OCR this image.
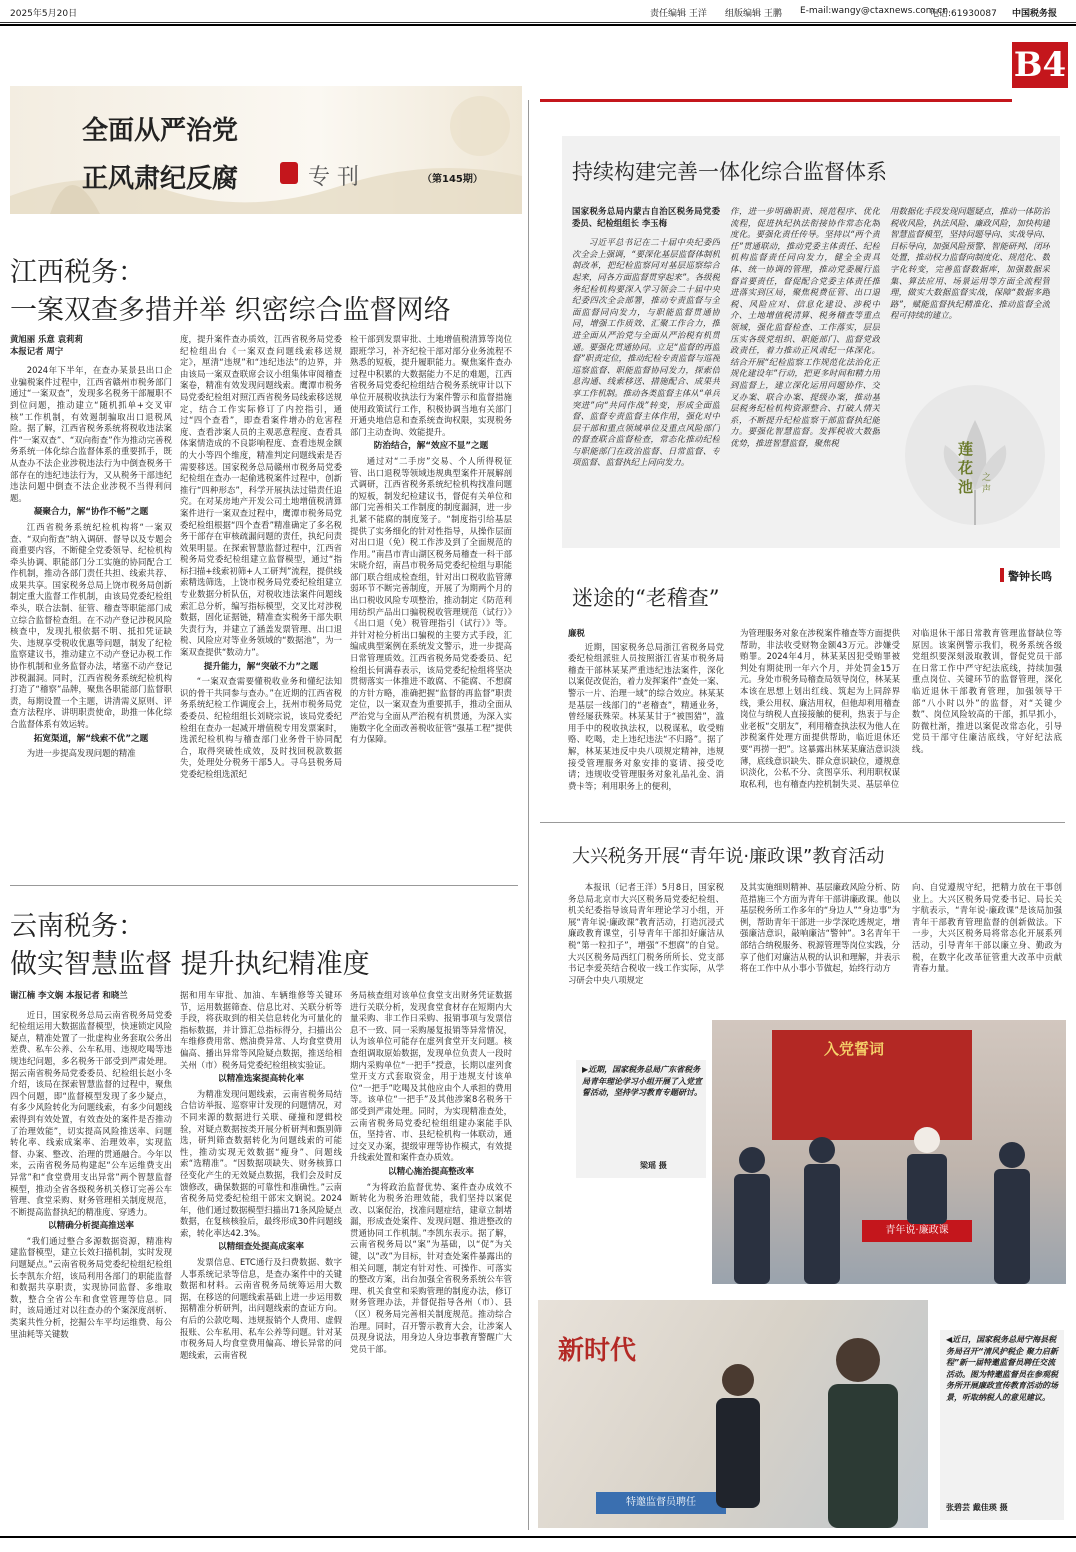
2025年5月20日	责任编辑 王洋 组版编辑 王鹏 E-mail:wangy@ctaxnews.com.cn
电话:61930087 中国税务报
B4
全面从严治党
正风肃纪反腐	专 刊	（第145期）
江西税务：
一案双查多措并举 织密综合监督网络
黄旭丽 乐意 袁莉莉
本报记者 周宁

2024年下半年，在查办某景县出口企业骗税案件过程中，江西省赣州市税务部门通过“一案双查”，发现多名税务干部履职不到位问题，推动建立“随机抓单+交叉审核”工作机制，有效遏制骗取出口退税风险。据了解，江西省税务系统将税收违法案件“一案双查”、“双向衔查”作为推动完善税务系统一体化综合监督体系的重要抓手，既从查办不法企业涉税违法行为中倒查税务干部存在的违纪违法行为，又从税务干部违纪违法问题中倒查不法企业涉税不当得利问题。

凝聚合力，解“协作不畅”之题

江西省税务系统纪检机构将“一案双查、“双向衔查”纳入调研、督导以及专题会商重要内容，不断健全党委领导、纪检机构牵头协调、职能部门分工实施的协同配合工作机制，推动各部门责任共担、线索共荐、成果共享。国家税务总局上饶市税务局创新制定重大监督工作机制，由该局党委纪检组牵头，联合法制、征管、稽查等职能部门成立综合监督检查组。在不动产登记涉税风险核查中，发现扎根依据不明、抵扣凭证缺失、违规享受税收优惠等问题，制发了纪检监察建议书，推动建立不动产登记办税工作协作机制和业务监督办法，堵塞不动产登记涉税漏洞。同时，江西省税务系统纪检机构打造了“稽察”品牌，聚焦各职能部门监督职责，每期设置一个主题，讲清需义原则、评查方法程序、讲明职责使命，助推一体化综合监督体系有效运转。

拓宽渠道，解“线索不优”之题

为进一步提高发现问题的精准

度，提升案件查办质效，江西省税务局党委纪检组出台《一案双查问题线索移送规定》，厘清“违规”和“违纪违法”的边界，并由该局一案双查联席会议小组集体审阅稽查案卷，精准有效发现问题线索。鹰潭市税务局党委纪检组对照江西省税务局线索移送规定，结合工作实际修订了内控指引，通过“四个查看”，即查看案件增办的危害程度、查看涉案人员的主观恶意程度、查看具体案情造成的不良影响程度、查看违规金额的大小等四个维度，精准判定问题线索是否需要移送。国家税务总局赣州市税务局党委纪检组在查办一起偷逃税案件过程中，创新推行“四种形态”，科学开展执法过错责任追究。在对某房地产开发公司土地增值税清算案件进行一案双查过程中，鹰潭市税务局党委纪检组根据“四个查看”精准确定了多名税务干部存在审核疏漏问题的责任，执纪问责效果明显。在探索智慧监督过程中，江西省税务局党委纪检组建立监督模型，通过“指标扫描+线索初筛+人工研判”流程，提供线索精选筛选，上饶市税务局党委纪检组建立专业数据分析队伍，对税收违法案件问题线索汇总分析，编写指标模型，交叉比对涉税数据，固化证据链，精准查实税务干部失职失责行为，并建立了涵盖发票管理、出口退税、风险应对等业务领域的“数据池”，为一案双查提供“数动力”。

提升能力，解“突破不力”之题

“一案双查需要懂税收业务和懂纪法知识的骨干共同参与查办。”在近期的江西省税务系统纪检工作调度会上，抚州市税务局党委委员、纪检组组长刘晓宗说，该局党委纪检组在查办一起减开增值税专用发票案时，选派纪检机构与稽查部门业务骨干协同配合，取得突破性成效，及时找回税款数据失，处理处分税务干部5人。寻乌县税务局党委纪检组选派纪

检干部到发票审批、土地增值税清算等岗位跟班学习，补齐纪检干部对部分业务流程不熟悉的短板，提升履职能力。聚焦案件查办过程中积累的大数据能力不足的难题，江西省税务局党委纪检组结合税务系统审计以下单位开展税收执法行为案件警示和监督措施使用政策试行工作，积极协调当地有关部门开通央地信息和查系统查询权限，实现税务部门主动查询、效能提升。

防治结合，解“效应不显”之题

通过对“二手房”交易、个人所得税征管、出口退税等领域违规典型案件开展解剖式调研，江西省税务系统纪检机构找准问题的短板，制发纪检建议书，督促有关单位和部门完善相关工作制度的制度漏洞，进一步扎紧不能腐的制度笼子。“制度指引给基层提供了实务细化的针对性指导，从操作层面对出口退（免）税工作涉及到了全面规范的作用。”南昌市青山湖区税务局稽查一科干部宋晓介绍，南昌市税务局党委纪检组与职能部门联合组成检查组，针对出口税收监管薄弱环节不断完善制度，开展了为期两个月的出口税收风险专项整治，推动制定《防范利用纺织产品出口骗税税收管理规范（试行）》《出口退（免）税管理指引（试行）》等。并针对检分析出口骗税的主要方式手段，汇编成典型案例在系统发文警示，进一步提高日常管理质效。江西省税务局党委委员、纪检组长何满春表示，该局党委纪检组将坚决贯彻落实一体推进不敢腐、不能腐、不想腐的方针方略，准确把握“监督的再监督”职责定位，以一案双查为重要抓手，推动全面从严治党与全面从严治税有机贯通，为深入实施数字化全面改善税收征管“强基工程”提供有力保障。

云南税务：
做实智慧监督 提升执纪精准度
谢江楠 李文娴 本报记者 和晓兰

近日，国家税务总局云南省税务局党委纪检组运用大数据监督模型，快速锁定风险疑点，精准处置了一批虚构业务套取公务出差费、私车公养、公车私用、违规吃喝等违规违纪问题，多名税务干部受到严肃处理。据云南省税务局党委委员、纪检组长赵小冬介绍，该局在探索智慧监督的过程中，聚焦四个问题，即“监督模型发现了多少疑点，有多少风险转化为问题线索，有多少问题线索得到有效处置，有效查处的案件是否推动了治理效能”，切实提高风险推送率、问题转化率、线索成案率、治理效率，实现监督、办案、整改、治理的贯通融合。今年以来，云南省税务局构建起“公车运维费支出异常”和“食堂费用支出异常”两个智慧监督模型，推动全省各级税务机关修订完善公车管理、食堂采购、财务管理相关制度规范，不断提高监督执纪的精准度、穿透力。

以精确分析提高推送率

“我们通过整合多源数据资源，精准构建监督模型，建立长效扫描机制，实时发现问题疑点。”云南省税务局党委纪检组纪检组长李凯东介绍，该局利用各部门的职能监督和数据共享职责，实现协同监督、多维取数，整合全省公车和食堂管理等信息。同时，该局通过对以往查办的个案深度剖析、类案共性分析，挖掘公车平均运维费、每公里油耗等关键数

据和用车审批、加油、车辆维修等关键环节，运用数据筛查、信息比对、关联分析等手段，将获取到的相关信息转化为可量化的指标数据，并计算汇总指标得分，扫描出公车维修费用常、燃油费异常、人均食堂费用偏高、播出异常等风险疑点数据，推送给相关州（市）税务局党委纪检组核实验证。

以精准选案提高转化率

为精准发现问题线索，云南省税务局结合信访举报、巡察审计发现的问题情况，对不同来源的数据进行关联、碰撞和逻辑校验，对疑点数据按类开展分析研判和甄别筛选，研判筛查数据转化为问题线索的可能性，推动实现无效数据“瘦身”、问题线索“选精准”。“因数据项缺失、财务核算口径变化产生的无效疑点数据，我们会及时反馈修改，确保数据的可靠性和准确性。”云南省税务局党委纪检组干部宋文娴说。2024年，他们通过数据模型扫描出71条风险疑点数据，在复核核验后，最终形成30件问题线索，转化率达42.3%。

以精细查处提高成案率

发票信息、ETC通行及扫费数据、数字人事系统记录等信息，是查办案件中的关键数据和材料。云南省税务局统筹运用大数据，在移送的问题线索基础上进一步运用数据精准分析研判，出问题线索的查证方向。有后的公款吃喝、违规报销个人费用、虚假报账、公车私用、私车公养等问题。针对某市税务局人均食堂费用偏高、增长异常的问题线索，云南省税

务局核查组对该单位食堂支出财务凭证数据进行关联分析，发现食堂食材存在短期内大量采购、非工作日采购、报销事项与发票信息不一致、同一采购屡复报销等异常情况，认为该单位可能存在虚列食堂开支问题。核查组调取原始数据，发现单位负责人一段时期内采购单位“一把手”授意，长期以虚列食堂开支方式套取资金，用于违规支付该单位“一把手”吃喝及其他应由个人承担的费用等。该单位“一把手”及其他涉案8名税务干部受到严肃处理。同时，为实现精准查处，云南省税务局党委纪检组组建办案能手队伍，坚持省、市、县纪检机构一体联动，通过交叉办案，提级审理等协作模式，有效提升线索处置和案件查办质效。

以精心施治提高整改率

“为将政治监督优势、案件查办成效不断转化为税务治理效能，我们坚持以案促改、以案促治，找准问题症结，建章立制堵漏，形成查处案件、发现问题、推进整改的贯通协同工作机制。”李凯东表示。据了解，云南省税务局以“案”为基础，以“促”为关键，以“改”为目标，针对查处案件暴露出的相关问题，制定有针对性、可操作、可落实的整改方案，出台加强全省税务系统公车管理、机关食堂和采购管理的制度办法，修订财务管理办法，并督促指导各州（市）、县（区）税务局完善相关制度规范。推动综合治理。同时，召开警示教育大会，让涉案人员现身说法，用身边人身边事教育警醒广大党员干部。

持续构建完善一体化综合监督体系
国家税务总局内蒙古自治区税务局党委委员、纪检组组长 李玉梅

习近平总书记在二十届中央纪委四次全会上强调，“要深化基层监督体制机制改革，把纪检监察同对基层巡察综合起来，同各方面监督贯穿起来”。各级税务纪检机构要深入学习领会二十届中央纪委四次全会部署，推动专责监督与全面监督同向发力，与职能监督贯通协同，增强工作质效、汇聚工作合力，推进全面从严治党与全面从严治税有机贯通。要强化贯通协同。立足“监督的再监督”职责定位，推动纪检专责监督与巡视巡察监督、职能监督协同发力，探索信息沟通、线索移送、措施配合、成果共享工作机制。推动各类监督主体从“单兵突进”向“共同作战”转变，形成全面监督、监督专责监督主体作用，强化对中层干部和重点领域单位及重点风险部门的督查联合监督检查，常态化推动纪检与职能部门在政治监督、日常监督、专项监督、监督执纪上同向发力。

作，进一步明确职责、规范程序、优化流程，促进执纪执法衔接协作常态化制度化。要强化责任传导。坚持以“两个责任”贯通联动，推动党委主体责任、纪检机构监督责任同向发力，健全全责具体、统一协调的管理，推动党委履行监督首要责任，督促配合党委主体责任推进落实到区局，聚焦税费征管、出口退税、风险应对、信息化建设、涉税中介、土地增值税清算、税务稽查等重点领域，强化监督检查、工作落实，层层压实各级党组织、职能部门、监督党政政责任，着力推动正风肃纪一体深化。结合开展“纪检监察工作规范化法治化正规化建设年”行动，把更多时间和精力用到监督上，建立深化运用问题协作、交叉办案、联合办案、提级办案，推动基层税务纪检机构资源整合、打破人情关系，不断提升纪检监察干部监督执纪能力。要强化智慧监督。发挥税收大数据优势，推进智慧监督，聚焦税

用数据化手段发现问题疑点，推动一体防治税收风险，执法风险、廉政风险，加快构建智慧监督模型，坚持问题导向、实战导向、目标导向，加强风险预警、智能研判、闭环处置，推动权力监督向制度化、规范化、数字化转变，完善监督数据库，加强数据采集、算法应用、场景运用等方面全流程管理，做实大数据监督实战，保障“数据多跑路”，赋能监督执纪精准化、推动监督全流程可持续的建立。

莲花池 之声
警钟长鸣
迷途的“老稽查”
廉税

近期，国家税务总局浙江省税务局党委纪检组派驻人员按照浙江省某市税务局稽查干部林某某严重违纪违法案件，深化以案促改促治，着力发挥案件“查处一案、警示一片、治理一域”的综合效应。林某某是基层一线部门的“老稽查”，精通业务，曾经屡获殊荣。林某某甘于“被围猎”，滥用手中的税收执法权，以税谋私，收受贿赂、吃喝，走上违纪违法“不归路”。据了解，林某某违反中央八项规定精神，违规接受管理服务对象安排的宴请、接受吃请；违规收受管理服务对象礼品礼金、消费卡等；利用职务上的便利，

为管理服务对象在涉税案件稽查等方面提供帮助，非法收受财物金额43万元。涉嫌受贿罪。2024年4月，林某某因犯受贿罪被判处有期徒刑一年六个月，并处罚金15万元。身处市税务局稽查局领导岗位，林某某本该在思想上划出红线、筑起为上同辞界线，秉公用权、廉洁用权，但他却利用稽查岗位与纳税人直接接触的便利，热衷于与企业老板“交朋友”，利用稽查执法权为他人在涉税案件处理方面提供帮助，临近退休还要“再捞一把”。这暴露出林某某廉洁意识淡薄，底线意识缺失、群众意识缺位，遵规意识淡化，公私不分、贪图享乐、利用职权谋取私利，也有稽查内控机制失灵、基层单位

对临退休干部日常教育管理监督缺位等原因。该案例警示我们，税务系统各级党组织要深刻汲取教训，督促党员干部在日常工作中严守纪法底线，持续加强重点岗位、关键环节的监督管理，深化临近退休干部教育管理，加强领导干部“八小时以外”的监督，对“关键少数”、岗位风险较高的干部，抓早抓小，防微杜渐，推进以案促改常态化，引导党员干部守住廉洁底线，守好纪法底线。

大兴税务开展“青年说·廉政课”教育活动

本报讯（记者王洋）5月8日，国家税务总局北京市大兴区税务局党委纪检组、机关纪委指导该局青年理论学习小组，开展“青年说·廉政课”教育活动，打造沉浸式廉政教育课堂，引导青年干部扣好廉洁从税“第一粒扣子”，增强“不想腐”的自觉。大兴区税务局西红门税务所所长、党支部书记李爱英结合税收一线工作实际，从学习研会中央八项规定

及其实施细则精神、基层廉政风险分析、防范措施三个方面为青年干部讲廉政课。他以基层税务所工作多年的“身边人”“身边事”为例，帮助青年干部进一步学深吃透规定，增强廉洁意识，敲响廉洁“警钟”。3名青年干部结合纳税服务、税源管理等岗位实践，分享了他们对廉洁从税的认识和理解，并表示将在工作中从小事小节做起，始终行动方

向、自觉遵规守纪，把精力放在干事创业上。大兴区税务局党委书记、局长关宇航表示，“青年说·廉政课”是该局加强青年干部教育管理监督的创新做法。下一步，大兴区税务局将常态化开展系列活动，引导青年干部以廉立身、勤政为税，在数字化改革征管重大改革中贡献青春力量。

入党誓词
青年说·廉政课
▶近期，国家税务总局广东省税务局青年理论学习小组开展了入党宣誓活动，坚持学习教育专题研讨。
梁瑶 摄
新时代
特邀监督员聘任
◀近日，国家税务总局宁海县税务局召开“清风护税企 聚力启新程”新一届特邀监督员聘任交流活动。图为特邀监督员在参观税务所开展廉政宣传教育活动的场景，听取纳税人的意见建议。
张碧芸 戴佳瑛 摄
